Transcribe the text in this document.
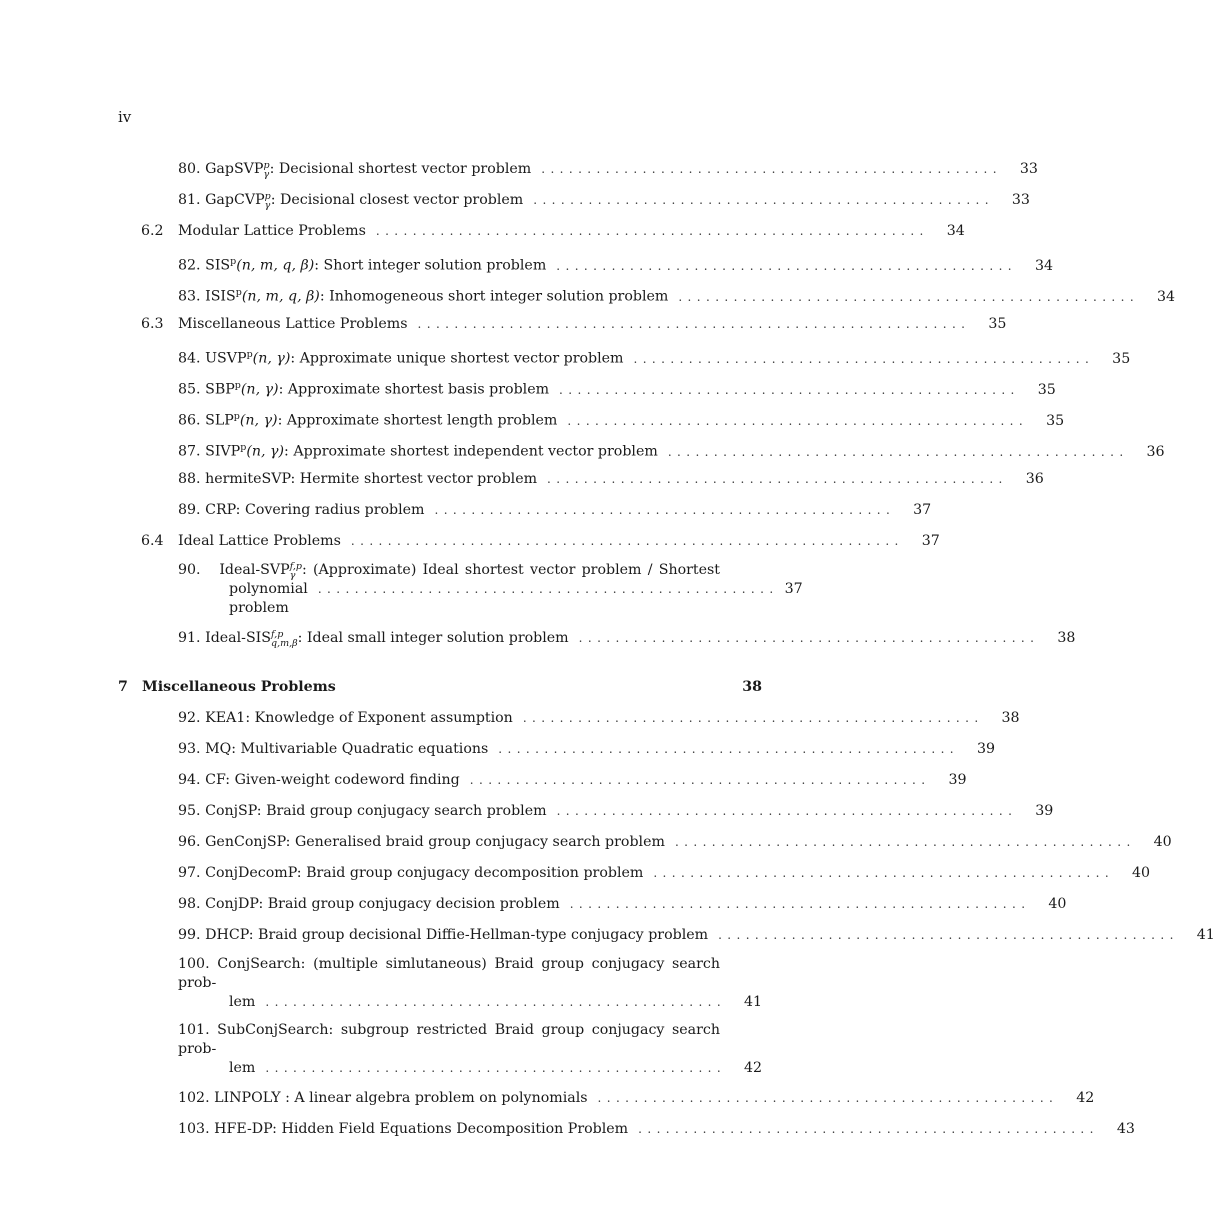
iv
80. GapSVP p
γ : Decisional shortest vector problem ..................................................	33
81. GapCVP p
γ : Decisional closest vector problem ..................................................	33
6.2	Modular Lattice Problems ............................................................	34
82. SIS$^p$(n, m, q, β): Short integer solution problem ..................................................	34
83. ISIS$^p$(n, m, q, β): Inhomogeneous short integer solution problem ..................................................	34
6.3	Miscellaneous Lattice Problems ............................................................	35
84. USVP$^p$(n, γ): Approximate unique shortest vector problem ..................................................	35
85. SBP$^p$(n, γ): Approximate shortest basis problem ..................................................	35
86. SLP$^p$(n, γ): Approximate shortest length problem ..................................................	35
87. SIVP$^p$(n, γ): Approximate shortest independent vector problem ..................................................	36
88. hermiteSVP: Hermite shortest vector problem ..................................................	36
89. CRP: Covering radius problem ..................................................	37
6.4	Ideal Lattice Problems ............................................................	37
90. Ideal-SVP f,p
γ : (Approximate) Ideal shortest vector problem / Shortest
polynomial problem
.................................................. 37
91. Ideal-SIS f,p
q,m,β : Ideal small integer solution problem ..................................................	38
7 Miscellaneous Problems	38
92. KEA1: Knowledge of Exponent assumption ..................................................	38
93. MQ: Multivariable Quadratic equations ..................................................	39
94. CF: Given-weight codeword finding ..................................................	39
95. ConjSP: Braid group conjugacy search problem ..................................................	39
96. GenConjSP: Generalised braid group conjugacy search problem ..................................................	40
97. ConjDecomP: Braid group conjugacy decomposition problem ..................................................	40
98. ConjDP: Braid group conjugacy decision problem ..................................................	40
99. DHCP: Braid group decisional Diffie-Hellman-type conjugacy problem ..................................................	41
100. ConjSearch: (multiple simlutaneous) Braid group conjugacy search prob-
lem ..................................................	41
101. SubConjSearch: subgroup restricted Braid group conjugacy search prob-
lem ..................................................	42
102. LINPOLY : A linear algebra problem on polynomials ..................................................	42
103. HFE-DP: Hidden Field Equations Decomposition Problem ..................................................	43
